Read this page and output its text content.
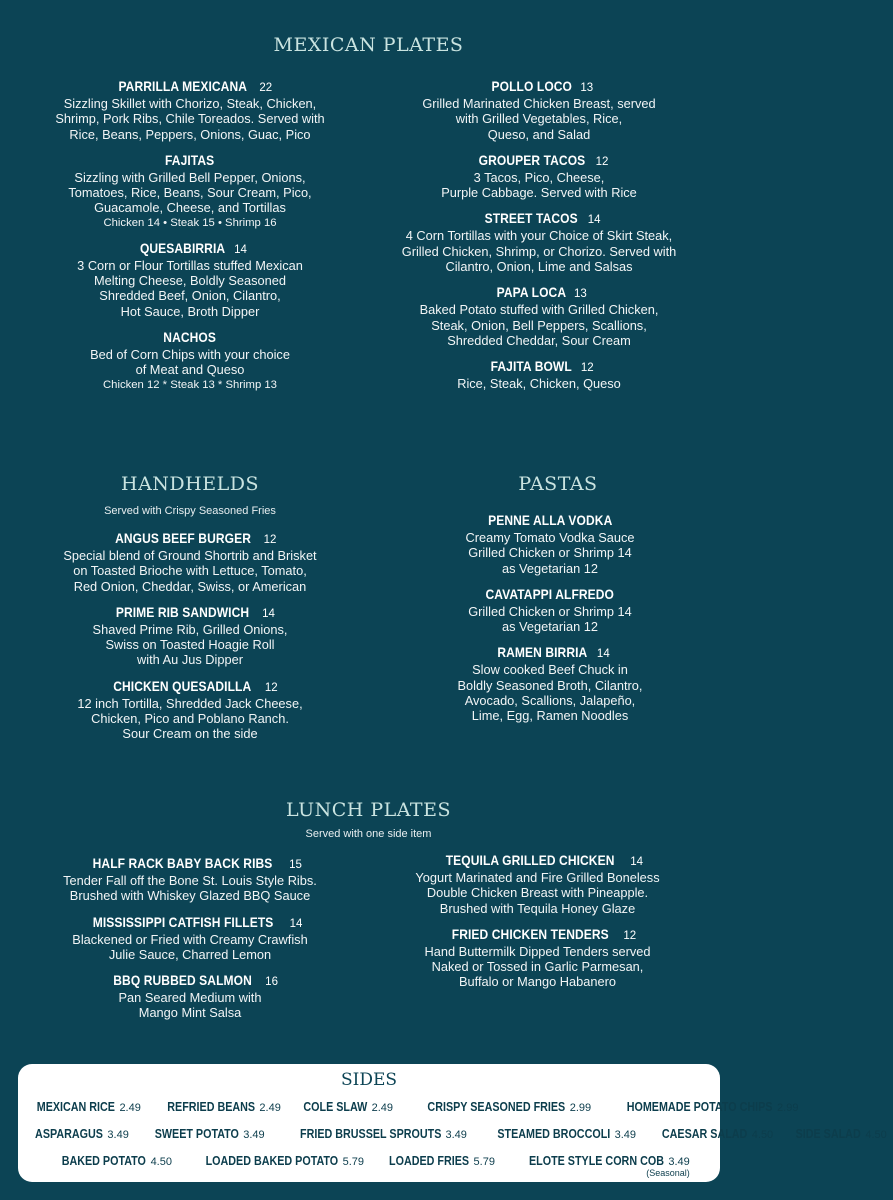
MEXICAN PLATES
HANDHELDS
Served with Crispy Seasoned Fries
PASTAS
LUNCH PLATES
Served with one side item
PARRILLA MEXICANA 22
Sizzling Skillet with Chorizo, Steak, Chicken,
Shrimp, Pork Ribs, Chile Toreados. Served with
Rice, Beans, Peppers, Onions, Guac, Pico
FAJITAS
Sizzling with Grilled Bell Pepper, Onions,
Tomatoes, Rice, Beans, Sour Cream, Pico,
Guacamole, Cheese, and Tortillas
Chicken 14 • Steak 15 • Shrimp 16
QUESABIRRIA 14
3 Corn or Flour Tortillas stuffed Mexican
Melting Cheese, Boldly Seasoned
Shredded Beef, Onion, Cilantro,
Hot Sauce, Broth Dipper
NACHOS
Bed of Corn Chips with your choice
of Meat and Queso
Chicken 12 * Steak 13 * Shrimp 13
POLLO LOCO 13
Grilled Marinated Chicken Breast, served
with Grilled Vegetables, Rice,
Queso, and Salad
GROUPER TACOS 12
3 Tacos, Pico, Cheese,
Purple Cabbage. Served with Rice
STREET TACOS 14
4 Corn Tortillas with your Choice of Skirt Steak,
Grilled Chicken, Shrimp, or Chorizo. Served with
Cilantro, Onion, Lime and Salsas
PAPA LOCA 13
Baked Potato stuffed with Grilled Chicken,
Steak, Onion, Bell Peppers, Scallions,
Shredded Cheddar, Sour Cream
FAJITA BOWL 12
Rice, Steak, Chicken, Queso
ANGUS BEEF BURGER 12
Special blend of Ground Shortrib and Brisket
on Toasted Brioche with Lettuce, Tomato,
Red Onion, Cheddar, Swiss, or American
PRIME RIB SANDWICH 14
Shaved Prime Rib, Grilled Onions,
Swiss on Toasted Hoagie Roll
with Au Jus Dipper
CHICKEN QUESADILLA 12
12 inch Tortilla, Shredded Jack Cheese,
Chicken, Pico and Poblano Ranch.
Sour Cream on the side
PENNE ALLA VODKA
Creamy Tomato Vodka Sauce
Grilled Chicken or Shrimp 14
as Vegetarian 12
CAVATAPPI ALFREDO
Grilled Chicken or Shrimp 14
as Vegetarian 12
RAMEN BIRRIA 14
Slow cooked Beef Chuck in
Boldly Seasoned Broth, Cilantro,
Avocado, Scallions, Jalapeño,
Lime, Egg, Ramen Noodles
HALF RACK BABY BACK RIBS 15
Tender Fall off the Bone St. Louis Style Ribs.
Brushed with Whiskey Glazed BBQ Sauce
MISSISSIPPI CATFISH FILLETS 14
Blackened or Fried with Creamy Crawfish
Julie Sauce, Charred Lemon
BBQ RUBBED SALMON 16
Pan Seared Medium with
Mango Mint Salsa
TEQUILA GRILLED CHICKEN 14
Yogurt Marinated and Fire Grilled Boneless
Double Chicken Breast with Pineapple.
Brushed with Tequila Honey Glaze
FRIED CHICKEN TENDERS 12
Hand Buttermilk Dipped Tenders served
Naked or Tossed in Garlic Parmesan,
Buffalo or Mango Habanero
SIDES
MEXICAN RICE 2.49 REFRIED BEANS 2.49 COLE SLAW 2.49	CRISPY SEASONED FRIES 2.99	HOMEMADE POTATO CHIPS 2.99
ASPARAGUS 3.49 SWEET POTATO 3.49	FRIED BRUSSEL SPROUTS 3.49 STEAMED BROCCOLI 3.49 CAESAR SALAD 4.50 SIDE SALAD 4.50
BAKED POTATO 4.50	LOADED BAKED POTATO 5.79 LOADED FRIES 5.79	ELOTE STYLE CORN COB 3.49
(Seasonal)
